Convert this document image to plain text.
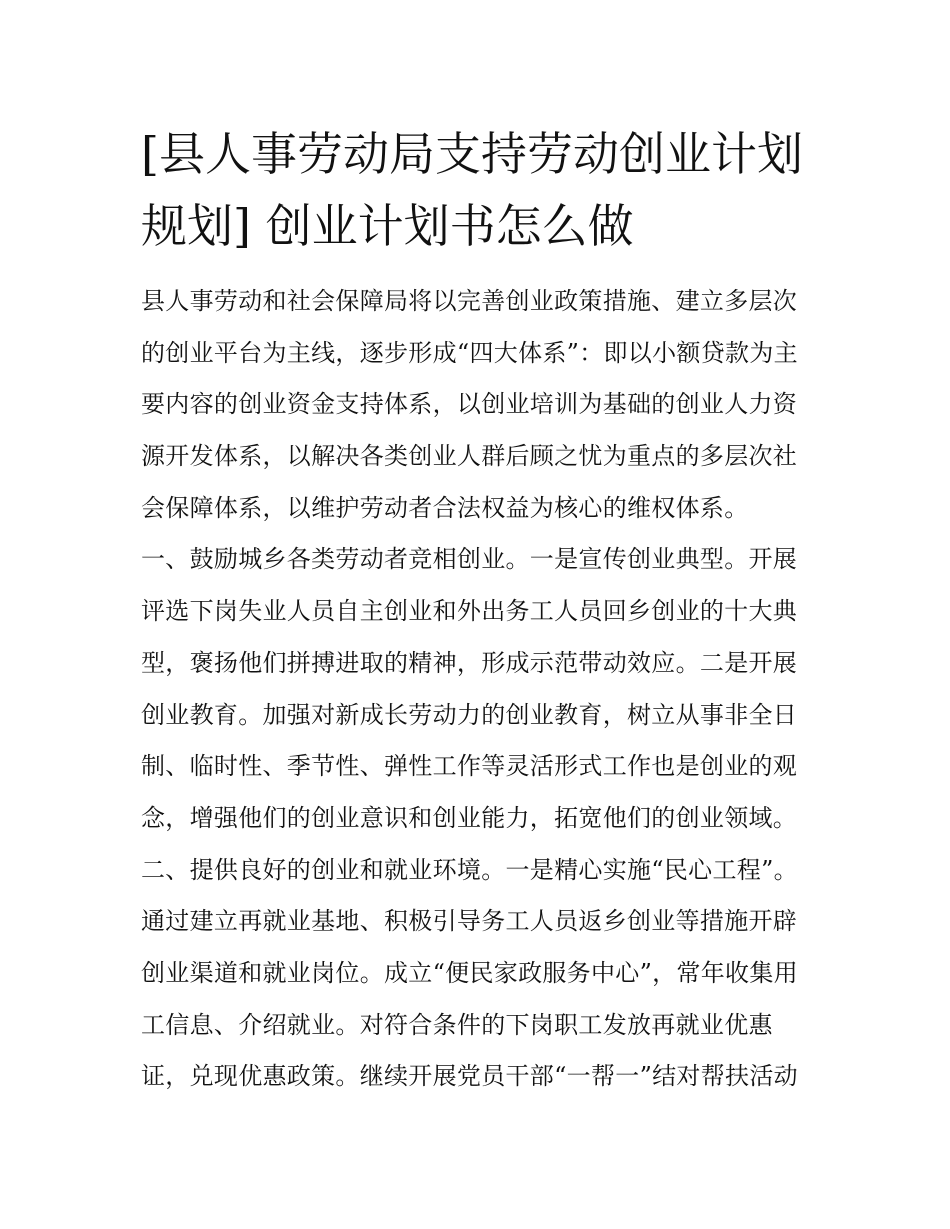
[县人事劳动局支持劳动创业计划规划] 创业计划书怎么做
县人事劳动和社会保障局将以完善创业政策措施、建立多层次
的创业平台为主线，逐步形成“四大体系”：即以小额贷款为主
要内容的创业资金支持体系，以创业培训为基础的创业人力资
源开发体系，以解决各类创业人群后顾之忧为重点的多层次社
会保障体系，以维护劳动者合法权益为核心的维权体系。
一、鼓励城乡各类劳动者竞相创业。一是宣传创业典型。开展
评选下岗失业人员自主创业和外出务工人员回乡创业的十大典
型，褒扬他们拼搏进取的精神，形成示范带动效应。二是开展
创业教育。加强对新成长劳动力的创业教育，树立从事非全日
制、临时性、季节性、弹性工作等灵活形式工作也是创业的观
念，增强他们的创业意识和创业能力，拓宽他们的创业领域。
二、提供良好的创业和就业环境。一是精心实施“民心工程”。
通过建立再就业基地、积极引导务工人员返乡创业等措施开辟
创业渠道和就业岗位。成立“便民家政服务中心”，常年收集用
工信息、介绍就业。对符合条件的下岗职工发放再就业优惠
证，兑现优惠政策。继续开展党员干部“一帮一”结对帮扶活动
